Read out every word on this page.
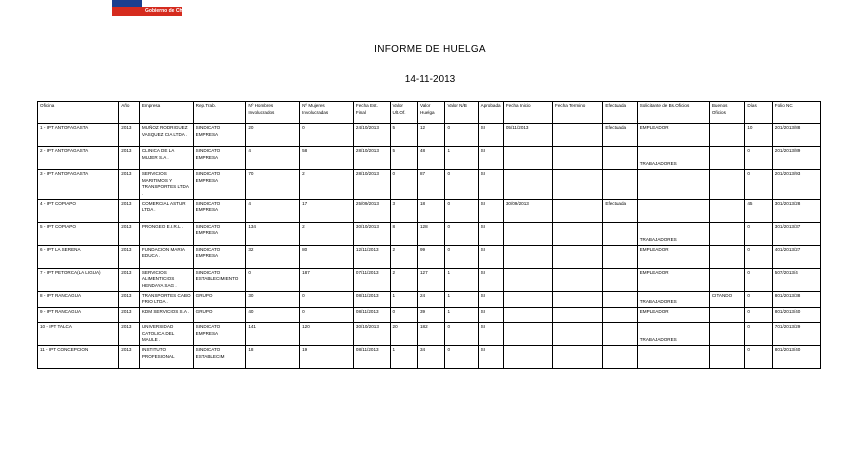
Gobierno de Chile
INFORME DE HUELGA
14-11-2013
Oficina	Año	Empresa	Rep.Trab.	Nº Hombres Involucrados	Nº Mujeres Involucradas	Fecha Est. Final	Valor Ult.Of.	Valor Huelga	Valor N/B	Aprobada	Fecha Inicio	Fecha Termino	Efectuada	Solicitante de Bs.Oficios	Buenos Oficios	Días	Folio NC
1 - IPT ANTOFAGASTA	2013	MUÑOZ RODRIGUEZ VASQUEZ CIA LTDA .	SINDICATO EMPRESA	20	0	24/10/2013	5	12	0	SI	05/11/2013		Efectuada	EMPLEADOR		10	201/2013/88
2 - IPT ANTOFAGASTA	2013	CLINICA DE LA MUJER S.A .	SINDICATO EMPRESA	4	58	28/10/2013	5	48	1	SI				TRABAJADORES		0	201/2013/89
3 - IPT ANTOFAGASTA	2013	SERVICIOS MARITIMOS Y TRANSPORTES LTDA .	SINDICATO EMPRESA	70	2	28/10/2013	0	87	0	SI						0	201/2013/93
4 - IPT COPIAPO	2013	COMERCIAL ASTUR LTDA .	SINDICATO EMPRESA	4	17	25/09/2013	3	18	0	SI	30/09/2013		Efectuada			45	301/2013/28
5 - IPT COPIAPO	2013	PRONGEO E.I.R.L .	SINDICATO EMPRESA	134	2	30/10/2013	8	128	0	SI				TRABAJADORES		0	301/2013/37
6 - IPT LA SERENA	2013	FUNDACION MARIA EDUCA .	SINDICATO EMPRESA	32	80	12/11/2013	2	99	0	SI				EMPLEADOR		0	401/2013/27
7 - IPT PETORCA(LA LIGUA)	2013	SERVICIOS ALIMENTICIOS HENDAYA SAG .	SINDICATO ESTABLECIMIENTO	0	187	07/11/2013	2	127	1	SI				EMPLEADOR		0	507/2013/4
8 - IPT RANCAGUA	2013	TRANSPORTES CABO FRIO LTDA .	GRUPO	30	0	08/11/2013	1	24	1	SI				TRABAJADORES	CITANDO	0	801/2013/38
9 - IPT RANCAGUA	2013	KDM SERVICIOS S.A .	GRUPO	40	0	08/11/2013	0	39	1	SI				EMPLEADOR		0	801/2013/40
10 - IPT TALCA	2013	UNIVERSIDAD CATOLICA DEL MAULE .	SINDICATO EMPRESA	141	120	30/10/2013	20	182	0	SI				TRABAJADORES		0	701/2013/29
11 - IPT CONCEPCION	2013	INSTITUTO PROFESIONAL	SINDICATO ESTABLECIM	18	19	08/11/2013	1	34	0	SI						0	801/2013/40
